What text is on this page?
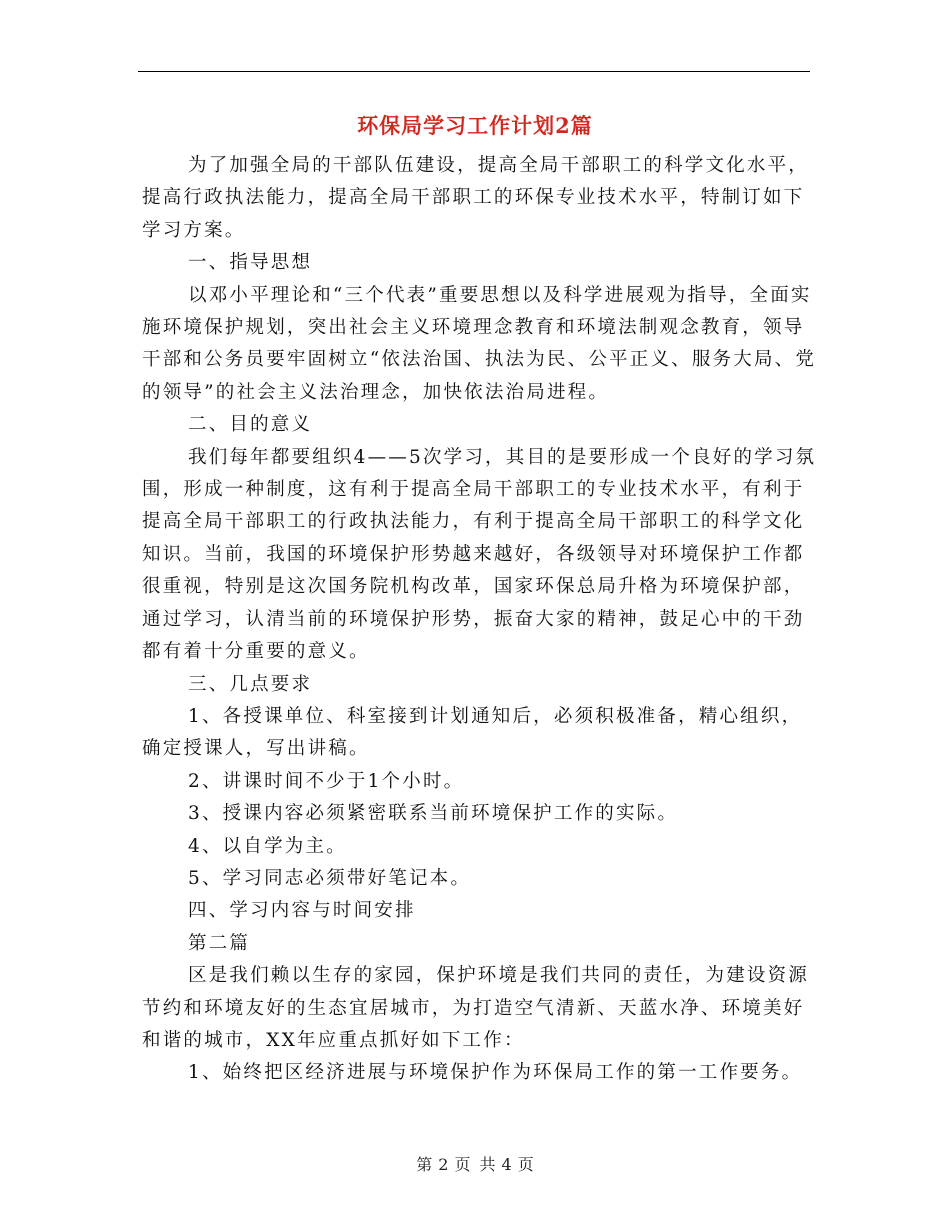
环保局学习工作计划2篇

为了加强全局的干部队伍建设，提高全局干部职工的科学文化水平，提高行政执法能力，提高全局干部职工的环保专业技术水平，特制订如下学习方案。

一、指导思想

以邓小平理论和“三个代表”重要思想以及科学进展观为指导，全面实施环境保护规划，突出社会主义环境理念教育和环境法制观念教育，领导干部和公务员要牢固树立“依法治国、执法为民、公平正义、服务大局、党的领导”的社会主义法治理念，加快依法治局进程。

二、目的意义

我们每年都要组织4——5次学习，其目的是要形成一个良好的学习氛围，形成一种制度，这有利于提高全局干部职工的专业技术水平，有利于提高全局干部职工的行政执法能力，有利于提高全局干部职工的科学文化知识。当前，我国的环境保护形势越来越好，各级领导对环境保护工作都很重视，特别是这次国务院机构改革，国家环保总局升格为环境保护部，通过学习，认清当前的环境保护形势，振奋大家的精神，鼓足心中的干劲都有着十分重要的意义。

三、几点要求

1、各授课单位、科室接到计划通知后，必须积极准备，精心组织，确定授课人，写出讲稿。

2、讲课时间不少于1个小时。

3、授课内容必须紧密联系当前环境保护工作的实际。

4、以自学为主。

5、学习同志必须带好笔记本。

四、学习内容与时间安排

第二篇

区是我们赖以生存的家园，保护环境是我们共同的责任，为建设资源节约和环境友好的生态宜居城市，为打造空气清新、天蓝水净、环境美好和谐的城市，XX年应重点抓好如下工作：

1、始终把区经济进展与环境保护作为环保局工作的第一工作要务。

第 2 页 共 4 页
